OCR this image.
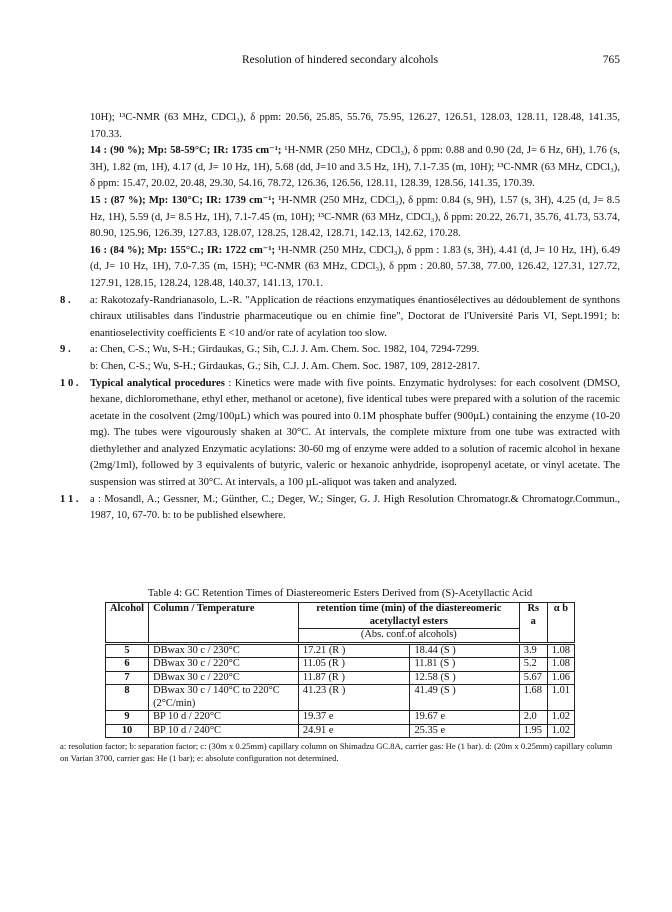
Resolution of hindered secondary alcohols	765

10H); ¹³C-NMR (63 MHz, CDCl₃), δ ppm: 20.56, 25.85, 55.76, 75.95, 126.27, 126.51, 128.03, 128.11, 128.48, 141.35, 170.33.

14 : (90 %); Mp: 58-59°C; IR: 1735 cm⁻¹; ¹H-NMR (250 MHz, CDCl₃), δ ppm: 0.88 and 0.90 (2d, J= 6 Hz, 6H), 1.76 (s, 3H), 1.82 (m, 1H), 4.17 (d, J= 10 Hz, 1H), 5.68 (dd, J=10 and 3.5 Hz, 1H), 7.1-7.35 (m, 10H); ¹³C-NMR (63 MHz, CDCl₃), δ ppm: 15.47, 20.02, 20.48, 29.30, 54.16, 78.72, 126.36, 126.56, 128.11, 128.39, 128.56, 141.35, 170.39.

15 : (87 %); Mp: 130°C; IR: 1739 cm⁻¹; ¹H-NMR (250 MHz, CDCl₃), δ ppm: 0.84 (s, 9H), 1.57 (s, 3H), 4.25 (d, J= 8.5 Hz, 1H), 5.59 (d, J= 8.5 Hz, 1H), 7.1-7.45 (m, 10H); ¹³C-NMR (63 MHz, CDCl₃), δ ppm: 20.22, 26.71, 35.76, 41.73, 53.74, 80.90, 125.96, 126.39, 127.83, 128.07, 128.25, 128.42, 128.71, 142.13, 142.62, 170.28.

16 : (84 %); Mp: 155°C.; IR: 1722 cm⁻¹; ¹H-NMR (250 MHz, CDCl₃), δ ppm : 1.83 (s, 3H), 4.41 (d, J= 10 Hz, 1H), 6.49 (d, J= 10 Hz, 1H), 7.0-7.35 (m, 15H); ¹³C-NMR (63 MHz, CDCl₃), δ ppm : 20.80, 57.38, 77.00, 126.42, 127.31, 127.72, 127.91, 128.15, 128.24, 128.48, 140.37, 141.13, 170.1.

8 . a: Rakotozafy-Randrianasolo, L.-R. "Application de réactions enzymatiques énantiosélectives au dédoublement de synthons chiraux utilisables dans l'industrie pharmaceutique ou en chimie fine", Doctorat de l'Université Paris VI, Sept.1991; b: enantioselectivity coefficients E <10 and/or rate of acylation too slow.

9 . a: Chen, C-S.; Wu, S-H.; Girdaukas, G.; Sih, C.J. J. Am. Chem. Soc. 1982, 104, 7294-7299.

b: Chen, C-S.; Wu, S-H.; Girdaukas, G.; Sih, C.J. J. Am. Chem. Soc. 1987, 109, 2812-2817.

1 0 . Typical analytical procedures : Kinetics were made with five points. Enzymatic hydrolyses: for each cosolvent (DMSO, hexane, dichloromethane, ethyl ether, methanol or acetone), five identical tubes were prepared with a solution of the racemic acetate in the cosolvent (2mg/100µL) which was poured into 0.1M phosphate buffer (900µL) containing the enzyme (10-20 mg). The tubes were vigourously shaken at 30°C. At intervals, the complete mixture from one tube was extracted with diethylether and analyzed Enzymatic acylations: 30-60 mg of enzyme were added to a solution of racemic alcohol in hexane (2mg/1ml), followed by 3 equivalents of butyric, valeric or hexanoic anhydride, isopropenyl acetate, or vinyl acetate. The suspension was stirred at 30°C. At intervals, a 100 µL-aliquot was taken and analyzed.

1 1 . a : Mosandl, A.; Gessner, M.; Günther, C.; Deger, W.; Singer, G. J. High Resolution Chromatogr.& Chromatogr.Commun., 1987, 10, 67-70. b: to be published elsewhere.

Table 4: GC Retention Times of Diastereomeric Esters Derived from (S)-Acetyllactic Acid
Alcohol	Column / Temperature	retention time (min) of the diastereomeric acetyllactyl esters		Rs a	α b
		(Abs. conf.of alcohols)			
5	DBwax 30 c / 230°C	17.21 (R )	18.44 (S )	3.9	1.08
6	DBwax 30 c / 220°C	11.05 (R )	11.81 (S )	5.2	1.08
7	DBwax 30 c / 220°C	11.87 (R )	12.58 (S )	5.67	1.06
8	DBwax 30 c / 140°C to 220°C (2°C/min)	41.23 (R )	41.49 (S )	1.68	1.01
9	BP 10 d / 220°C	19.37 e	19.67 e	2.0	1.02
10	BP 10 d / 240°C	24.91 e	25.35 e	1.95	1.02
a: resolution factor; b: separation factor; c: (30m x 0.25mm) capillary column on Shimadzu GC.8A, carrier gas: He (1 bar). d: (20m x 0.25mm) capillary column on Varian 3700, carrier gas: He (1 bar); e: absolute configuration not determined.
